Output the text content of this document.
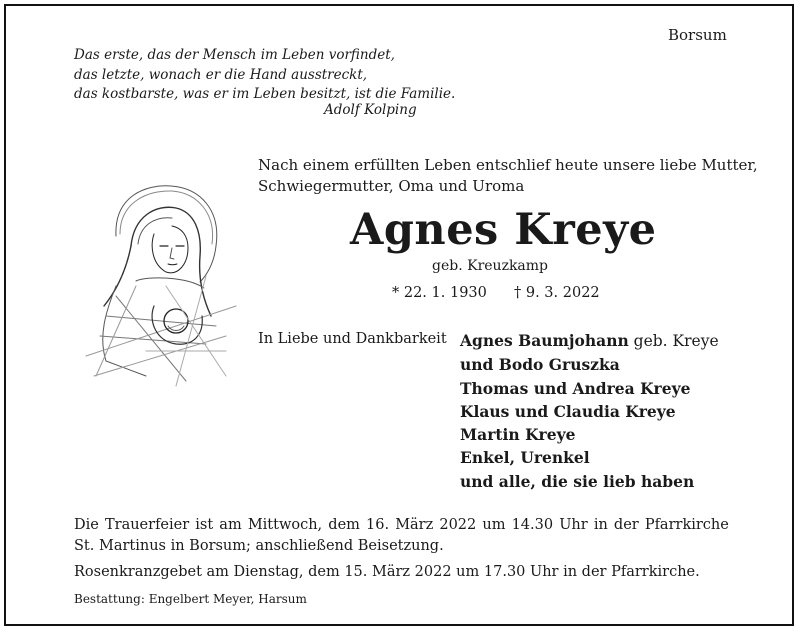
Borsum
Das erste, das der Mensch im Leben vorfindet,
das letzte, wonach er die Hand ausstreckt,
das kostbarste, was er im Leben besitzt, ist die Familie.
Adolf Kolping
Nach einem erfüllten Leben entschlief heute unsere liebe Mutter,
Schwiegermutter, Oma und Uroma
Agnes Kreye
geb. Kreuzkamp
* 22. 1. 1930 † 9. 3. 2022
In Liebe und Dankbarkeit Agnes Baumjohann geb. Kreye
und Bodo Gruszka
Thomas und Andrea Kreye
Klaus und Claudia Kreye
Martin Kreye
Enkel, Urenkel
und alle, die sie lieb haben
Die Trauerfeier ist am Mittwoch, dem 16. März 2022 um 14.30 Uhr in der Pfarrkirche
St. Martinus in Borsum; anschließend Beisetzung.
Rosenkranzgebet am Dienstag, dem 15. März 2022 um 17.30 Uhr in der Pfarrkirche.
Bestattung: Engelbert Meyer, Harsum
